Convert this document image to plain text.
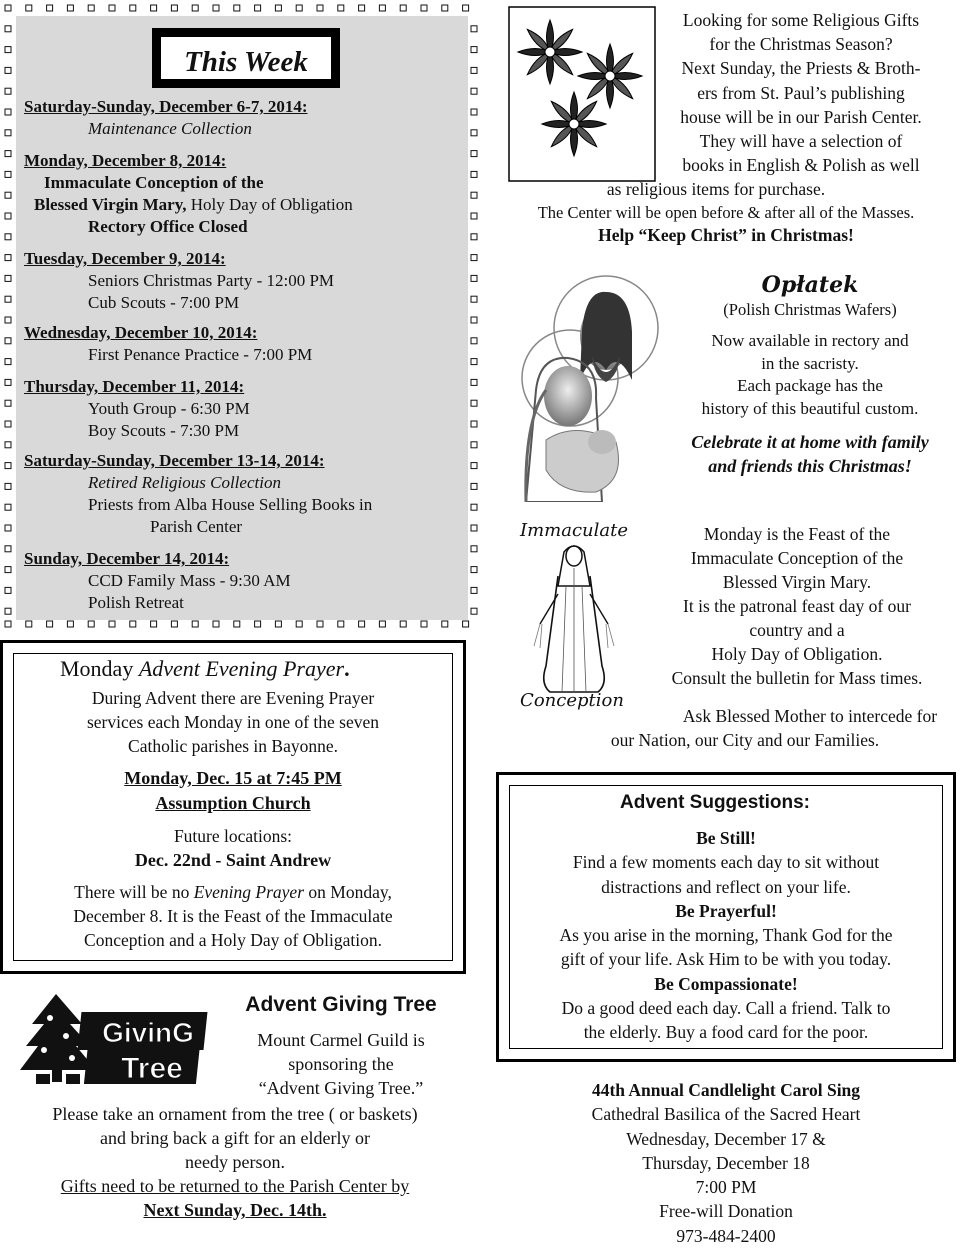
This Week
Saturday-Sunday, December 6-7, 2014:
Maintenance Collection
Monday, December 8, 2014:
Immaculate Conception of the
Blessed Virgin Mary, Holy Day of Obligation
Rectory Office Closed
Tuesday, December 9, 2014:
Seniors Christmas Party - 12:00 PM
Cub Scouts - 7:00 PM
Wednesday, December 10, 2014:
First Penance Practice - 7:00 PM
Thursday, December 11, 2014:
Youth Group - 6:30 PM
Boy Scouts - 7:30 PM
Saturday-Sunday, December 13-14, 2014:
Retired Religious Collection
Priests from Alba House Selling Books in
Parish Center
Sunday, December 14, 2014:
CCD Family Mass - 9:30 AM
Polish Retreat
Monday Advent Evening Prayer.
During Advent there are Evening Prayer
services each Monday in one of the seven
Catholic parishes in Bayonne.
Monday, Dec. 15 at 7:45 PM
Assumption Church
Future locations:
Dec. 22nd - Saint Andrew
There will be no Evening Prayer on Monday,
December 8. It is the Feast of the Immaculate
Conception and a Holy Day of Obligation.
GivinG
Tree
Advent Giving Tree
Mount Carmel Guild is
sponsoring the
“Advent Giving Tree.”
Please take an ornament from the tree ( or baskets)
and bring back a gift for an elderly or
needy person.
Gifts need to be returned to the Parish Center by
Next Sunday, Dec. 14th.
Looking for some Religious Gifts
for the Christmas Season?
Next Sunday, the Priests & Broth-
ers from St. Paul’s publishing
house will be in our Parish Center.
They will have a selection of
books in English & Polish as well
as religious items for purchase.
The Center will be open before & after all of the Masses.
Help “Keep Christ” in Christmas!
Opłatek
(Polish Christmas Wafers)
Now available in rectory and
in the sacristy.
Each package has the
history of this beautiful custom.
Celebrate it at home with family
and friends this Christmas!
Immaculate
Conception
Monday is the Feast of the
Immaculate Conception of the
Blessed Virgin Mary.
It is the patronal feast day of our
country and a
Holy Day of Obligation.
Consult the bulletin for Mass times.
Ask Blessed Mother to intercede for
our Nation, our City and our Families.
Advent Suggestions:
Be Still!
Find a few moments each day to sit without
distractions and reflect on your life.
Be Prayerful!
As you arise in the morning, Thank God for the
gift of your life. Ask Him to be with you today.
Be Compassionate!
Do a good deed each day. Call a friend. Talk to
the elderly. Buy a food card for the poor.
44th Annual Candlelight Carol Sing
Cathedral Basilica of the Sacred Heart
Wednesday, December 17 &
Thursday, December 18
7:00 PM
Free-will Donation
973-484-2400
